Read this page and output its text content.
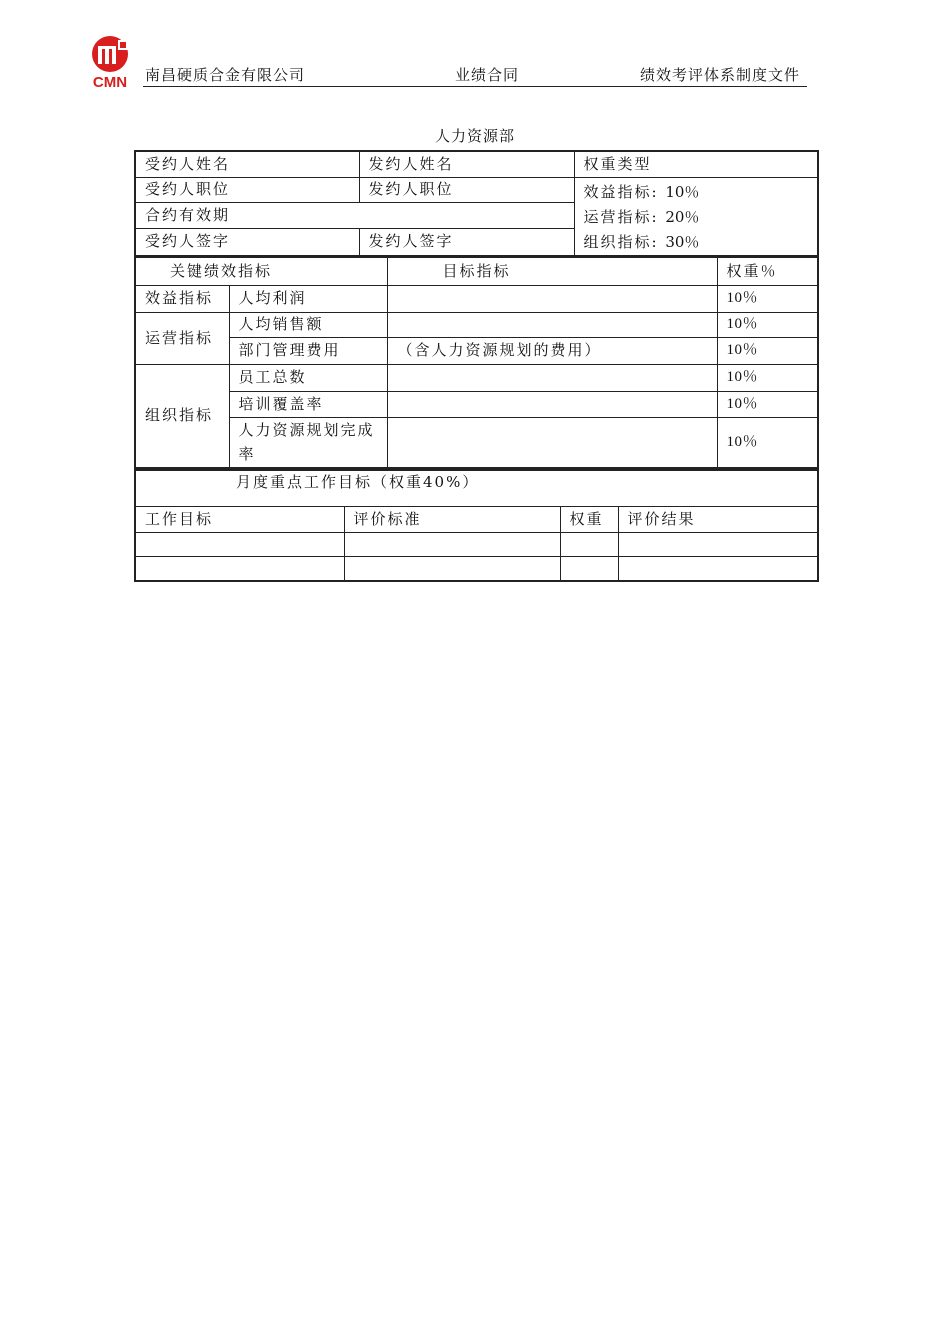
CMN 南昌硬质合金有限公司	业绩合同	绩效考评体系制度文件
人力资源部
受约人姓名	发约人姓名	权重类型
受约人职位	发约人职位	效益指标: 10％
运营指标: 20％
组织指标: 30％

合约有效期		
受约人签字	发约人签字	
关键绩效指标		目标指标	权重％
效益指标	人均利润		10％
运营指标	人均销售额		10％
	部门管理费用	（含人力资源规划的费用）	10％
组织指标	员工总数		10％
	培训覆盖率		10％
	人力资源规划完成率		10％
月度重点工作目标（权重40%）			
工作目标	评价标准	权重	评价结果
